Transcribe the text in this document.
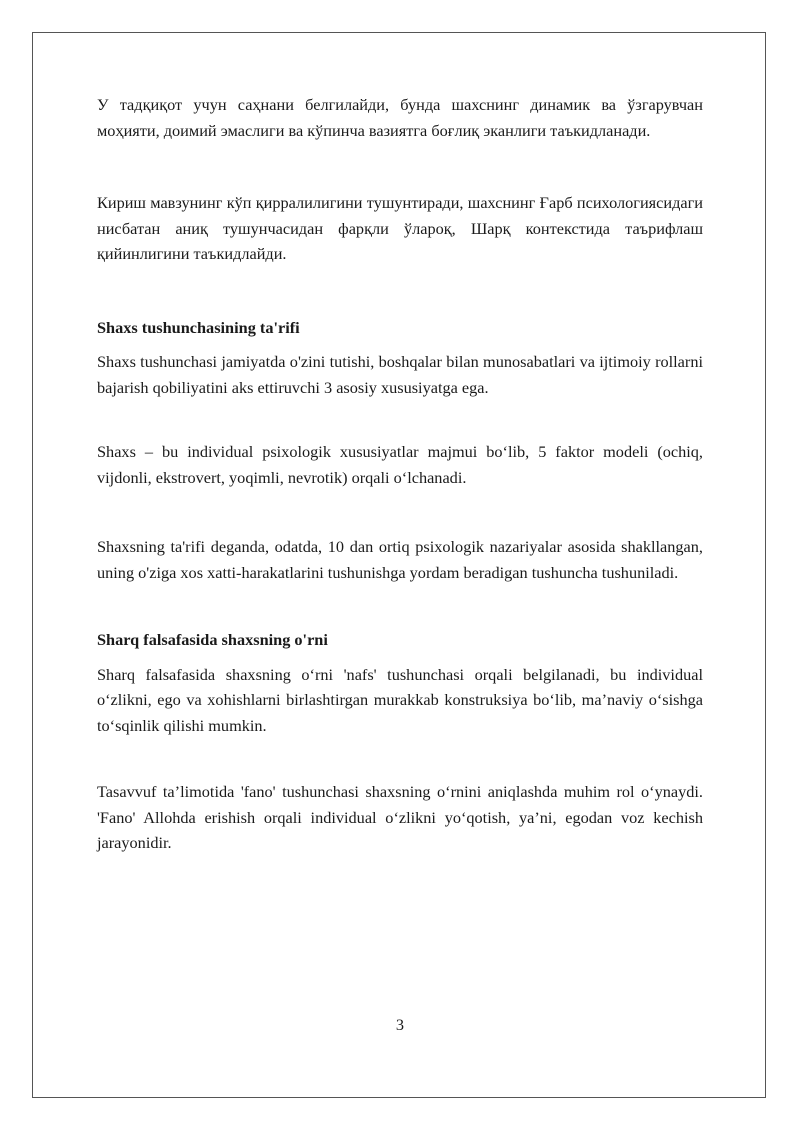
У тадқиқот учун саҳнани белгилайди, бунда шахснинг динамик ва ўзгарувчан моҳияти, доимий эмаслиги ва кўпинча вазиятга боғлиқ эканлиги таъкидланади.

Кириш мавзунинг кўп қирралилигини тушунтиради, шахснинг Ғарб психологиясидаги нисбатан аниқ тушунчасидан фарқли ўлароқ, Шарқ контекстида таърифлаш қийинлигини таъкидлайди.

Shaxs tushunchasining ta'rifi

Shaxs tushunchasi jamiyatda o'zini tutishi, boshqalar bilan munosabatlari va ijtimoiy rollarni bajarish qobiliyatini aks ettiruvchi 3 asosiy xususiyatga ega.

Shaxs – bu individual psixologik xususiyatlar majmui bo‘lib, 5 faktor modeli (ochiq, vijdonli, ekstrovert, yoqimli, nevrotik) orqali o‘lchanadi.

Shaxsning ta'rifi deganda, odatda, 10 dan ortiq psixologik nazariyalar asosida shakllangan, uning o'ziga xos xatti-harakatlarini tushunishga yordam beradigan tushuncha tushuniladi.

Sharq falsafasida shaxsning o'rni

Sharq falsafasida shaxsning o‘rni 'nafs' tushunchasi orqali belgilanadi, bu individual o‘zlikni, ego va xohishlarni birlashtirgan murakkab konstruksiya bo‘lib, ma’naviy o‘sishga to‘sqinlik qilishi mumkin.

Tasavvuf ta’limotida 'fano' tushunchasi shaxsning o‘rnini aniqlashda muhim rol o‘ynaydi. 'Fano' Allohda erishish orqali individual o‘zlikni yo‘qotish, ya’ni, egodan voz kechish jarayonidir.

3
